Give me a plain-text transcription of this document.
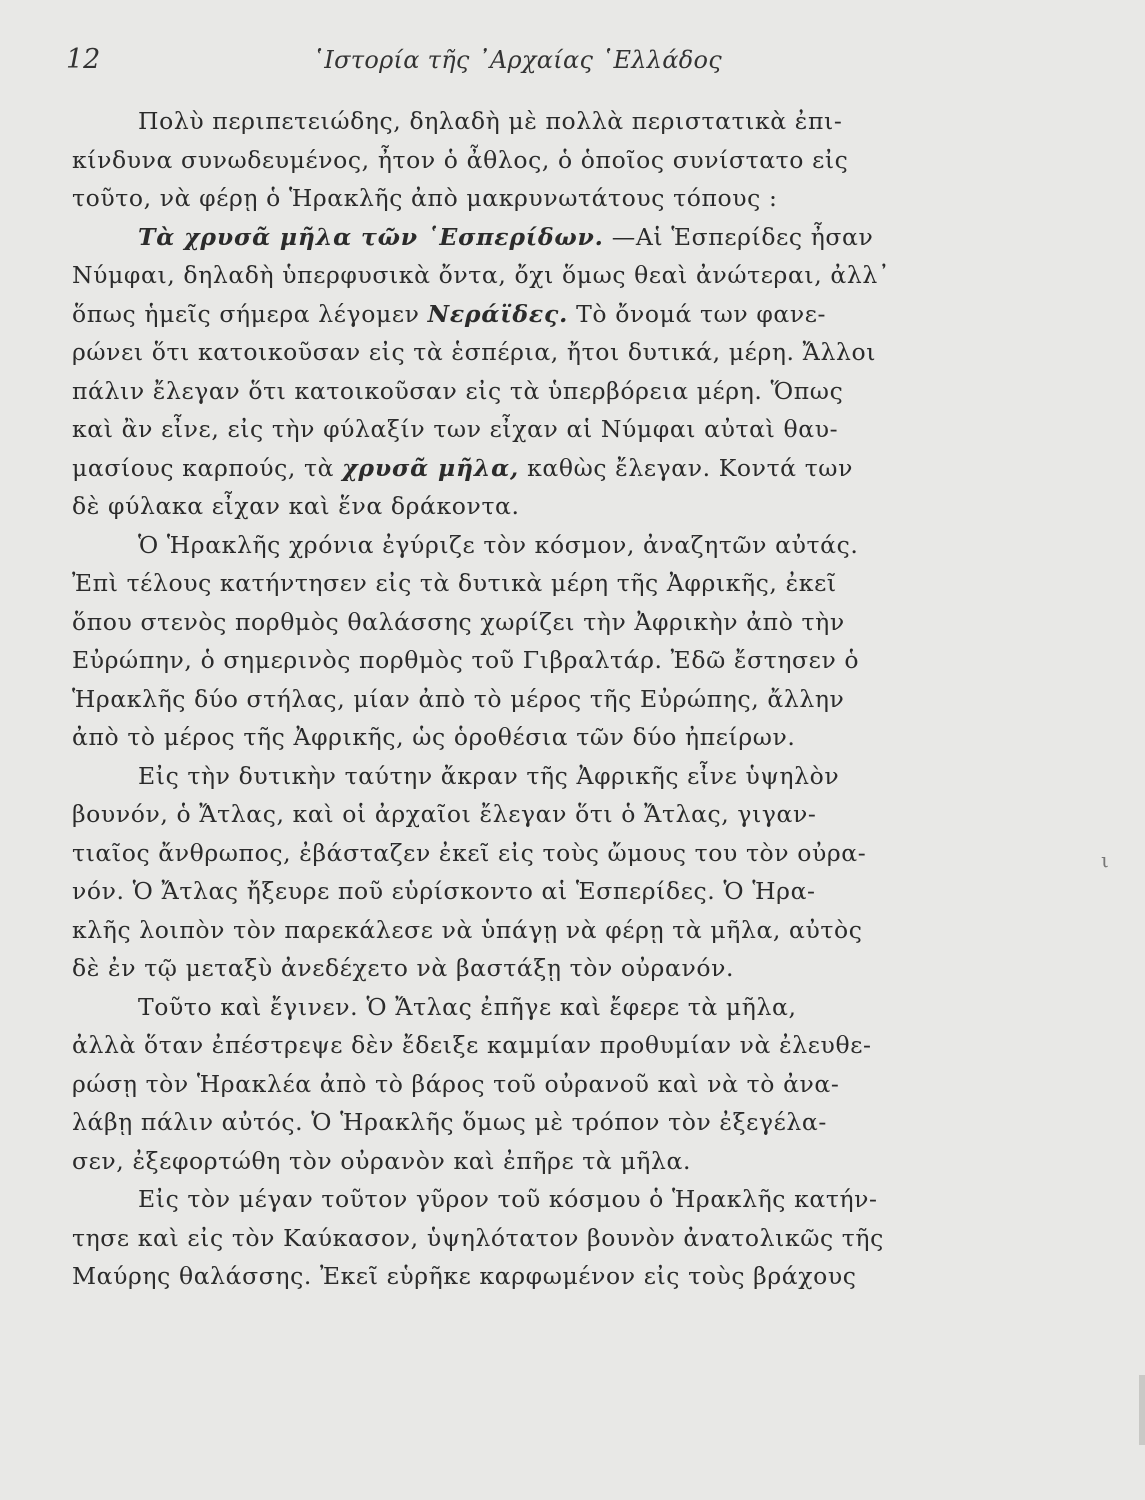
12	῾Ιστορία τῆς ᾿Αρχαίας ῾Ελλάδος
Πολὺ περιπετειώδης, δηλαδὴ μὲ πολλὰ περιστατικὰ ἐπι-
κίνδυνα συνωδευμένος, ἦτον ὁ ἆθλος, ὁ ὁποῖος συνίστατο εἰς
τοῦτο, νὰ φέρῃ ὁ Ἡρακλῆς ἀπὸ μακρυνωτάτους τόπους :
Τὰ χρυσᾶ μῆλα τῶν ῾Εσπερίδων. —Αἱ Ἑσπερίδες ἦσαν
Νύμφαι, δηλαδὴ ὑπερφυσικὰ ὄντα, ὄχι ὅμως θεαὶ ἀνώτεραι, ἀλλ᾿
ὅπως ἡμεῖς σήμερα λέγομεν Νεράϊδες. Τὸ ὄνομά των φανε-
ρώνει ὅτι κατοικοῦσαν εἰς τὰ ἑσπέρια, ἤτοι δυτικά, μέρη. Ἄλλοι
πάλιν ἔλεγαν ὅτι κατοικοῦσαν εἰς τὰ ὑπερβόρεια μέρη. Ὅπως
καὶ ἂν εἶνε, εἰς τὴν φύλαξίν των εἶχαν αἱ Νύμφαι αὐταὶ θαυ-
μασίους καρπούς, τὰ χρυσᾶ μῆλα, καθὼς ἔλεγαν. Κοντά των
δὲ φύλακα εἶχαν καὶ ἕνα δράκοντα.
Ὁ Ἡρακλῆς χρόνια ἐγύριζε τὸν κόσμον, ἀναζητῶν αὐτάς.
Ἐπὶ τέλους κατήντησεν εἰς τὰ δυτικὰ μέρη τῆς Ἀφρικῆς, ἐκεῖ
ὅπου στενὸς πορθμὸς θαλάσσης χωρίζει τὴν Ἀφρικὴν ἀπὸ τὴν
Εὐρώπην, ὁ σημερινὸς πορθμὸς τοῦ Γιβραλτάρ. Ἐδῶ ἔστησεν ὁ
Ἡρακλῆς δύο στήλας, μίαν ἀπὸ τὸ μέρος τῆς Εὐρώπης, ἄλλην
ἀπὸ τὸ μέρος τῆς Ἀφρικῆς, ὡς ὁροθέσια τῶν δύο ἠπείρων.
Εἰς τὴν δυτικὴν ταύτην ἄκραν τῆς Ἀφρικῆς εἶνε ὑψηλὸν
βουνόν, ὁ Ἄτλας, καὶ οἱ ἀρχαῖοι ἔλεγαν ὅτι ὁ Ἄτλας, γιγαν-
τιαῖος ἄνθρωπος, ἐβάσταζεν ἐκεῖ εἰς τοὺς ὤμους του τὸν οὐρα-
νόν. Ὁ Ἄτλας ἤξευρε ποῦ εὑρίσκοντο αἱ Ἑσπερίδες. Ὁ Ἡρα-
κλῆς λοιπὸν τὸν παρεκάλεσε νὰ ὑπάγῃ νὰ φέρῃ τὰ μῆλα, αὐτὸς
δὲ ἐν τῷ μεταξὺ ἀνεδέχετο νὰ βαστάξῃ τὸν οὐρανόν.
Τοῦτο καὶ ἔγινεν. Ὁ Ἄτλας ἐπῆγε καὶ ἔφερε τὰ μῆλα,
ἀλλὰ ὅταν ἐπέστρεψε δὲν ἔδειξε καμμίαν προθυμίαν νὰ ἐλευθε-
ρώσῃ τὸν Ἡρακλέα ἀπὸ τὸ βάρος τοῦ οὐρανοῦ καὶ νὰ τὸ ἀνα-
λάβῃ πάλιν αὐτός. Ὁ Ἡρακλῆς ὅμως μὲ τρόπον τὸν ἐξεγέλα-
σεν, ἐξεφορτώθη τὸν οὐρανὸν καὶ ἐπῆρε τὰ μῆλα.
Εἰς τὸν μέγαν τοῦτον γῦρον τοῦ κόσμου ὁ Ἡρακλῆς κατήν-
τησε καὶ εἰς τὸν Καύκασον, ὑψηλότατον βουνὸν ἀνατολικῶς τῆς
Μαύρης θαλάσσης. Ἐκεῖ εὑρῆκε καρφωμένον εἰς τοὺς βράχους
ι
